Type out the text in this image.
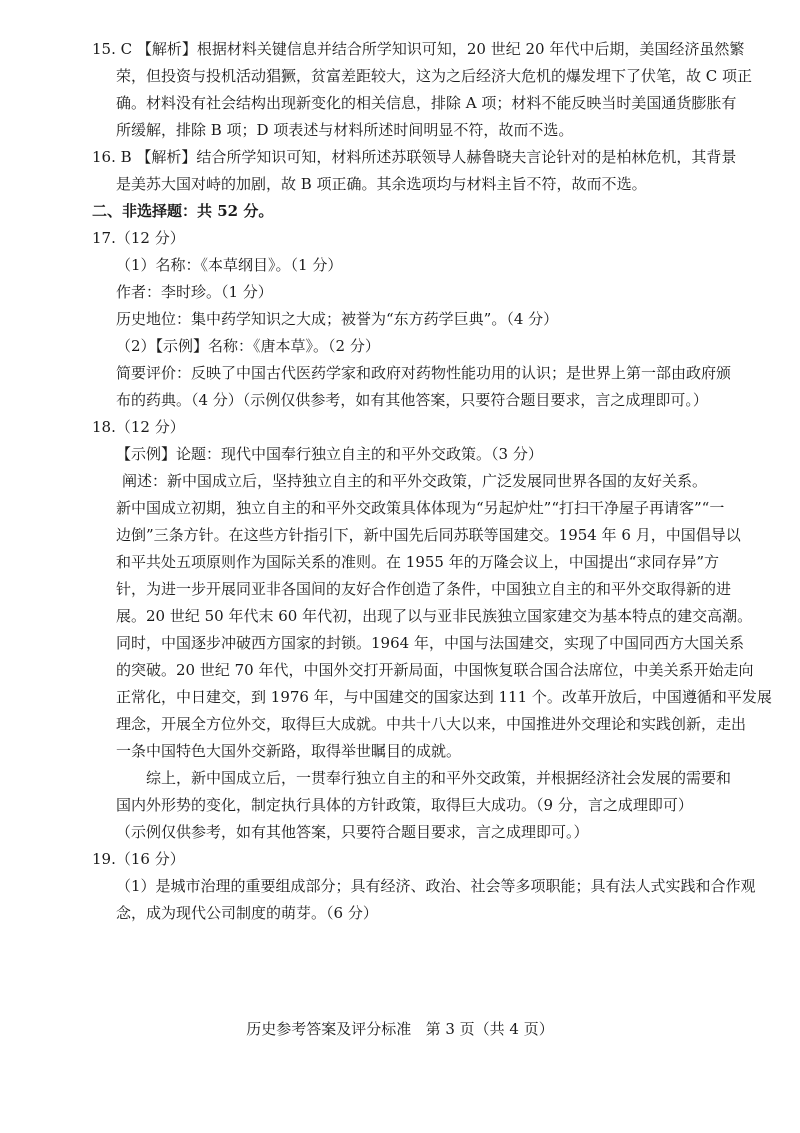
15. C 【解析】根据材料关键信息并结合所学知识可知，20 世纪 20 年代中后期，美国经济虽然繁
荣，但投资与投机活动猖獗，贫富差距较大，这为之后经济大危机的爆发埋下了伏笔，故 C 项正
确。材料没有社会结构出现新变化的相关信息，排除 A 项；材料不能反映当时美国通货膨胀有
所缓解，排除 B 项；D 项表述与材料所述时间明显不符，故而不选。
16. B 【解析】结合所学知识可知，材料所述苏联领导人赫鲁晓夫言论针对的是柏林危机，其背景
是美苏大国对峙的加剧，故 B 项正确。其余选项均与材料主旨不符，故而不选。
二、非选择题：共 52 分。
17.（12 分）
（1）名称：《本草纲目》。（1 分）
作者：李时珍。（1 分）
历史地位：集中药学知识之大成；被誉为“东方药学巨典”。（4 分）
（2）【示例】名称：《唐本草》。（2 分）
简要评价：反映了中国古代医药学家和政府对药物性能功用的认识；是世界上第一部由政府颁
布的药典。（4 分）（示例仅供参考，如有其他答案，只要符合题目要求，言之成理即可。）
18.（12 分）
【示例】论题：现代中国奉行独立自主的和平外交政策。（3 分）
阐述：新中国成立后，坚持独立自主的和平外交政策，广泛发展同世界各国的友好关系。
新中国成立初期，独立自主的和平外交政策具体体现为“另起炉灶”“打扫干净屋子再请客”“一
边倒”三条方针。在这些方针指引下，新中国先后同苏联等国建交。1954 年 6 月，中国倡导以
和平共处五项原则作为国际关系的准则。在 1955 年的万隆会议上，中国提出“求同存异”方
针，为进一步开展同亚非各国间的友好合作创造了条件，中国独立自主的和平外交取得新的进
展。20 世纪 50 年代末 60 年代初，出现了以与亚非民族独立国家建交为基本特点的建交高潮。
同时，中国逐步冲破西方国家的封锁。1964 年，中国与法国建交，实现了中国同西方大国关系
的突破。20 世纪 70 年代，中国外交打开新局面，中国恢复联合国合法席位，中美关系开始走向
正常化，中日建交，到 1976 年，与中国建交的国家达到 111 个。改革开放后，中国遵循和平发展
理念，开展全方位外交，取得巨大成就。中共十八大以来，中国推进外交理论和实践创新，走出
一条中国特色大国外交新路，取得举世瞩目的成就。
综上，新中国成立后，一贯奉行独立自主的和平外交政策，并根据经济社会发展的需要和
国内外形势的变化，制定执行具体的方针政策，取得巨大成功。（9 分，言之成理即可）
（示例仅供参考，如有其他答案，只要符合题目要求，言之成理即可。）
19.（16 分）
（1）是城市治理的重要组成部分；具有经济、政治、社会等多项职能；具有法人式实践和合作观
念，成为现代公司制度的萌芽。（6 分）
历史参考答案及评分标准 第 3 页（共 4 页）
